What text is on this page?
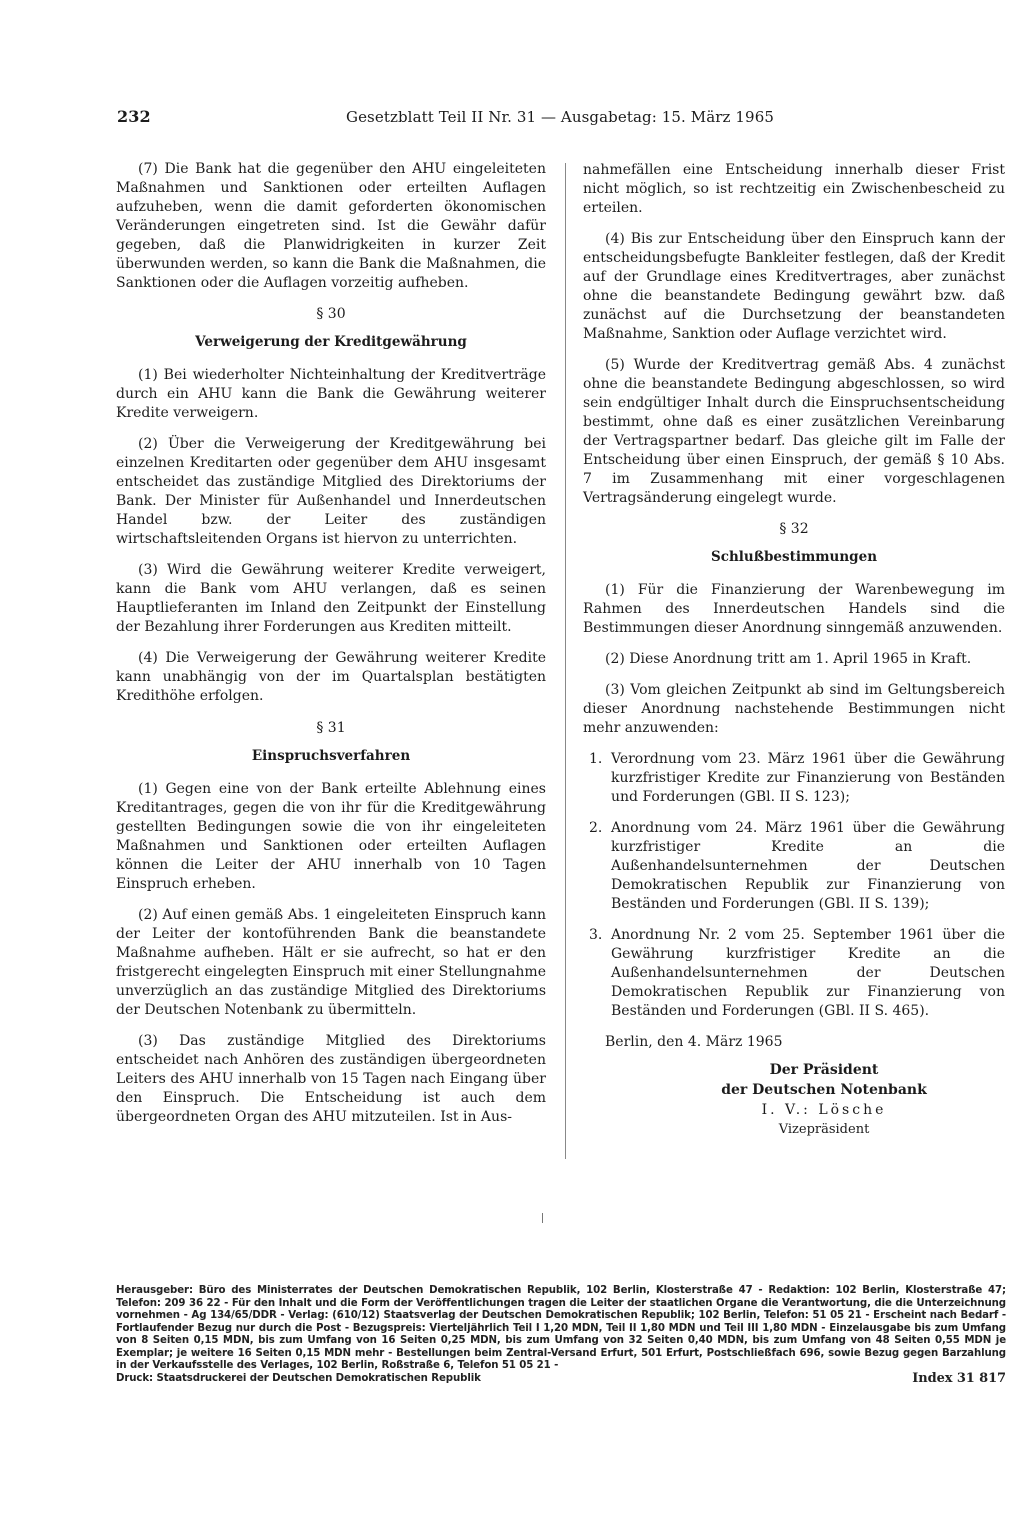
232	Gesetzblatt Teil II Nr. 31 — Ausgabetag: 15. März 1965

(7) Die Bank hat die gegenüber den AHU eingeleiteten Maßnahmen und Sanktionen oder erteilten Auflagen aufzuheben, wenn die damit geforderten ökonomischen Veränderungen eingetreten sind. Ist die Gewähr dafür gegeben, daß die Planwidrigkeiten in kurzer Zeit überwunden werden, so kann die Bank die Maßnahmen, die Sanktionen oder die Auflagen vorzeitig aufheben.

§ 30
Verweigerung der Kreditgewährung

(1) Bei wiederholter Nichteinhaltung der Kreditverträge durch ein AHU kann die Bank die Gewährung weiterer Kredite verweigern.

(2) Über die Verweigerung der Kreditgewährung bei einzelnen Kreditarten oder gegenüber dem AHU insgesamt entscheidet das zuständige Mitglied des Direktoriums der Bank. Der Minister für Außenhandel und Innerdeutschen Handel bzw. der Leiter des zuständigen wirtschaftsleitenden Organs ist hiervon zu unterrichten.

(3) Wird die Gewährung weiterer Kredite verweigert, kann die Bank vom AHU verlangen, daß es seinen Hauptlieferanten im Inland den Zeitpunkt der Einstellung der Bezahlung ihrer Forderungen aus Krediten mitteilt.

(4) Die Verweigerung der Gewährung weiterer Kredite kann unabhängig von der im Quartalsplan bestätigten Kredithöhe erfolgen.

§ 31
Einspruchsverfahren

(1) Gegen eine von der Bank erteilte Ablehnung eines Kreditantrages, gegen die von ihr für die Kreditgewährung gestellten Bedingungen sowie die von ihr eingeleiteten Maßnahmen und Sanktionen oder erteilten Auflagen können die Leiter der AHU innerhalb von 10 Tagen Einspruch erheben.

(2) Auf einen gemäß Abs. 1 eingeleiteten Einspruch kann der Leiter der kontoführenden Bank die beanstandete Maßnahme aufheben. Hält er sie aufrecht, so hat er den fristgerecht eingelegten Einspruch mit einer Stellungnahme unverzüglich an das zuständige Mitglied des Direktoriums der Deutschen Notenbank zu übermitteln.

(3) Das zuständige Mitglied des Direktoriums entscheidet nach Anhören des zuständigen übergeordneten Leiters des AHU innerhalb von 15 Tagen nach Eingang über den Einspruch. Die Entscheidung ist auch dem übergeordneten Organ des AHU mitzuteilen. Ist in Aus-

nahmefällen eine Entscheidung innerhalb dieser Frist nicht möglich, so ist rechtzeitig ein Zwischenbescheid zu erteilen.

(4) Bis zur Entscheidung über den Einspruch kann der entscheidungsbefugte Bankleiter festlegen, daß der Kredit auf der Grundlage eines Kreditvertrages, aber zunächst ohne die beanstandete Bedingung gewährt bzw. daß zunächst auf die Durchsetzung der beanstandeten Maßnahme, Sanktion oder Auflage verzichtet wird.

(5) Wurde der Kreditvertrag gemäß Abs. 4 zunächst ohne die beanstandete Bedingung abgeschlossen, so wird sein endgültiger Inhalt durch die Einspruchsentscheidung bestimmt, ohne daß es einer zusätzlichen Vereinbarung der Vertragspartner bedarf. Das gleiche gilt im Falle der Entscheidung über einen Einspruch, der gemäß § 10 Abs. 7 im Zusammenhang mit einer vorgeschlagenen Vertragsänderung eingelegt wurde.

§ 32
Schlußbestimmungen

(1) Für die Finanzierung der Warenbewegung im Rahmen des Innerdeutschen Handels sind die Bestimmungen dieser Anordnung sinngemäß anzuwenden.

(2) Diese Anordnung tritt am 1. April 1965 in Kraft.

(3) Vom gleichen Zeitpunkt ab sind im Geltungsbereich dieser Anordnung nachstehende Bestimmungen nicht mehr anzuwenden:

1. Verordnung vom 23. März 1961 über die Gewährung kurzfristiger Kredite zur Finanzierung von Beständen und Forderungen (GBl. II S. 123);
2. Anordnung vom 24. März 1961 über die Gewährung kurzfristiger Kredite an die Außenhandelsunternehmen der Deutschen Demokratischen Republik zur Finanzierung von Beständen und Forderungen (GBl. II S. 139);
3. Anordnung Nr. 2 vom 25. September 1961 über die Gewährung kurzfristiger Kredite an die Außenhandelsunternehmen der Deutschen Demokratischen Republik zur Finanzierung von Beständen und Forderungen (GBl. II S. 465).

Berlin, den 4. März 1965

Der Präsident
der Deutschen Notenbank
I. V.: Lösche
Vizepräsident
Herausgeber: Büro des Ministerrates der Deutschen Demokratischen Republik, 102 Berlin, Klosterstraße 47 - Redaktion: 102 Berlin, Klosterstraße 47; Telefon: 209 36 22 - Für den Inhalt und die Form der Veröffentlichungen tragen die Leiter der staatlichen Organe die Verantwortung, die die Unterzeichnung vornehmen - Ag 134/65/DDR - Verlag: (610/12) Staatsverlag der Deutschen Demokratischen Republik; 102 Berlin, Telefon: 51 05 21 - Erscheint nach Bedarf - Fortlaufender Bezug nur durch die Post - Bezugspreis: Vierteljährlich Teil I 1,20 MDN, Teil II 1,80 MDN und Teil III 1,80 MDN - Einzelausgabe bis zum Umfang von 8 Seiten 0,15 MDN, bis zum Umfang von 16 Seiten 0,25 MDN, bis zum Umfang von 32 Seiten 0,40 MDN, bis zum Umfang von 48 Seiten 0,55 MDN je Exemplar; je weitere 16 Seiten 0,15 MDN mehr - Bestellungen beim Zentral-Versand Erfurt, 501 Erfurt, Postschließfach 696, sowie Bezug gegen Barzahlung in der Verkaufsstelle des Verlages, 102 Berlin, Roßstraße 6, Telefon 51 05 21 -
Druck: Staatsdruckerei der Deutschen Demokratischen Republik	Index 31 817
